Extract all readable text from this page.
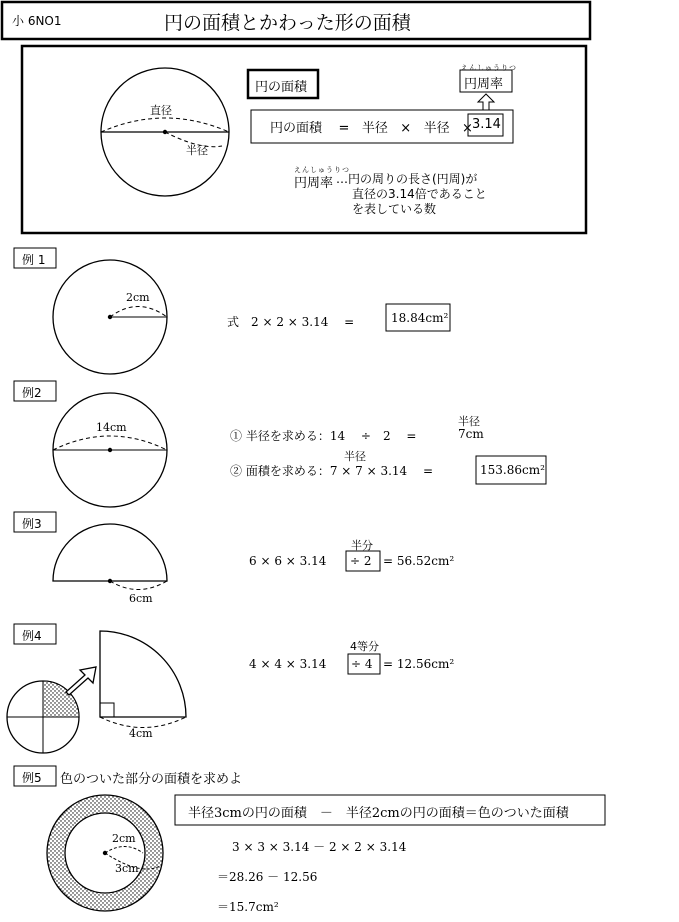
小 6NO1	円の面積とかわった形の面積
直径
半径
円の面積
円の面積 = 半径 × 半径 × 3.14
えんしゅうりつ
円周率
えんしゅうりつ
円周率 …円の周りの長さ(円周)が
直径の3.14倍であること
を表している数
例 1
2cm
式　2 × 2 × 3.14　 =	18.84cm²
例2
14cm
① 半径を求める：14　 ÷　2　 =
半径
7cm
半径
② 面積を求める：7 × 7 × 3.14　 =	153.86cm²
例3
6cm
6 × 6 × 3.14
半分
÷ 2 = 56.52cm²
例4
4cm
4 × 4 × 3.14
4等分
÷ 4 = 12.56cm²
例5 色のついた部分の面積を求めよ
2cm
3cm
半径3cmの円の面積　－　半径2cmの円の面積＝色のついた面積
3 × 3 × 3.14 － 2 × 2 × 3.14
＝28.26 － 12.56
＝15.7cm²
